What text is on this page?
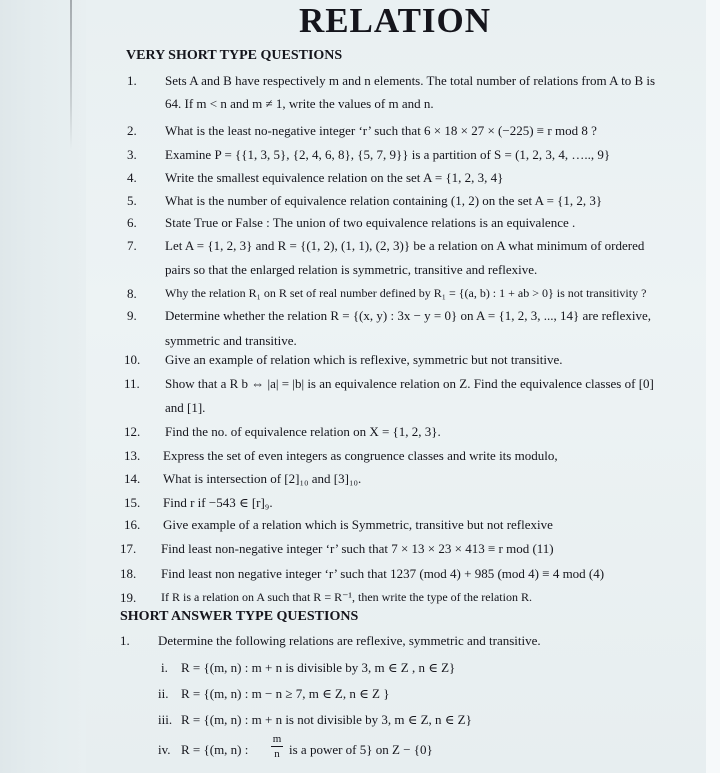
RELATION
VERY SHORT TYPE QUESTIONS
1. Sets A and B have respectively m and n elements. The total number of relations from A to B is
64. If m < n and m ≠ 1, write the values of m and n.
2. What is the least no-negative integer ‘r’ such that 6 × 18 × 27 × (−225) ≡ r mod 8 ?
3. Examine P = {{1, 3, 5}, {2, 4, 6, 8}, {5, 7, 9}} is a partition of S = (1, 2, 3, 4, ….., 9}
4. Write the smallest equivalence relation on the set A = {1, 2, 3, 4}
5. What is the number of equivalence relation containing (1, 2) on the set A = {1, 2, 3}
6. State True or False : The union of two equivalence relations is an equivalence .
7. Let A = {1, 2, 3} and R = {(1, 2), (1, 1), (2, 3)} be a relation on A what minimum of ordered
pairs so that the enlarged relation is symmetric, transitive and reflexive.
8. Why the relation R₁ on R set of real number defined by R₁ = {(a, b) : 1 + ab > 0} is not transitivity ?
9. Determine whether the relation R = {(x, y) : 3x − y = 0} on A = {1, 2, 3, ..., 14} are reflexive,
symmetric and transitive.
10. Give an example of relation which is reflexive, symmetric but not transitive.
11. Show that a R b ⇔ |a| = |b| is an equivalence relation on Z. Find the equivalence classes of [0]
and [1].
12. Find the no. of equivalence relation on X = {1, 2, 3}.
13. Express the set of even integers as congruence classes and write its modulo,
14. What is intersection of [2]₁₀ and [3]₁₀.
15. Find r if −543 ∈ [r]₉.
16. Give example of a relation which is Symmetric, transitive but not reflexive
17. Find least non-negative integer ‘r’ such that 7 × 13 × 23 × 413 ≡ r mod (11)
18. Find least non negative integer ‘r’ such that 1237 (mod 4) + 985 (mod 4) ≡ 4 mod (4)
19. If R is a relation on A such that R = R⁻¹, then write the type of the relation R.
SHORT ANSWER TYPE QUESTIONS
1. Determine the following relations are reflexive, symmetric and transitive.
i. R = {(m, n) : m + n is divisible by 3, m ∈ Z , n ∈ Z}
ii. R = {(m, n) : m − n ≥ 7, m ∈ Z, n ∈ Z }
iii. R = {(m, n) : m + n is not divisible by 3, m ∈ Z, n ∈ Z}
iv. R = {(m, n) :
m
n is a power of 5} on Z − {0}
